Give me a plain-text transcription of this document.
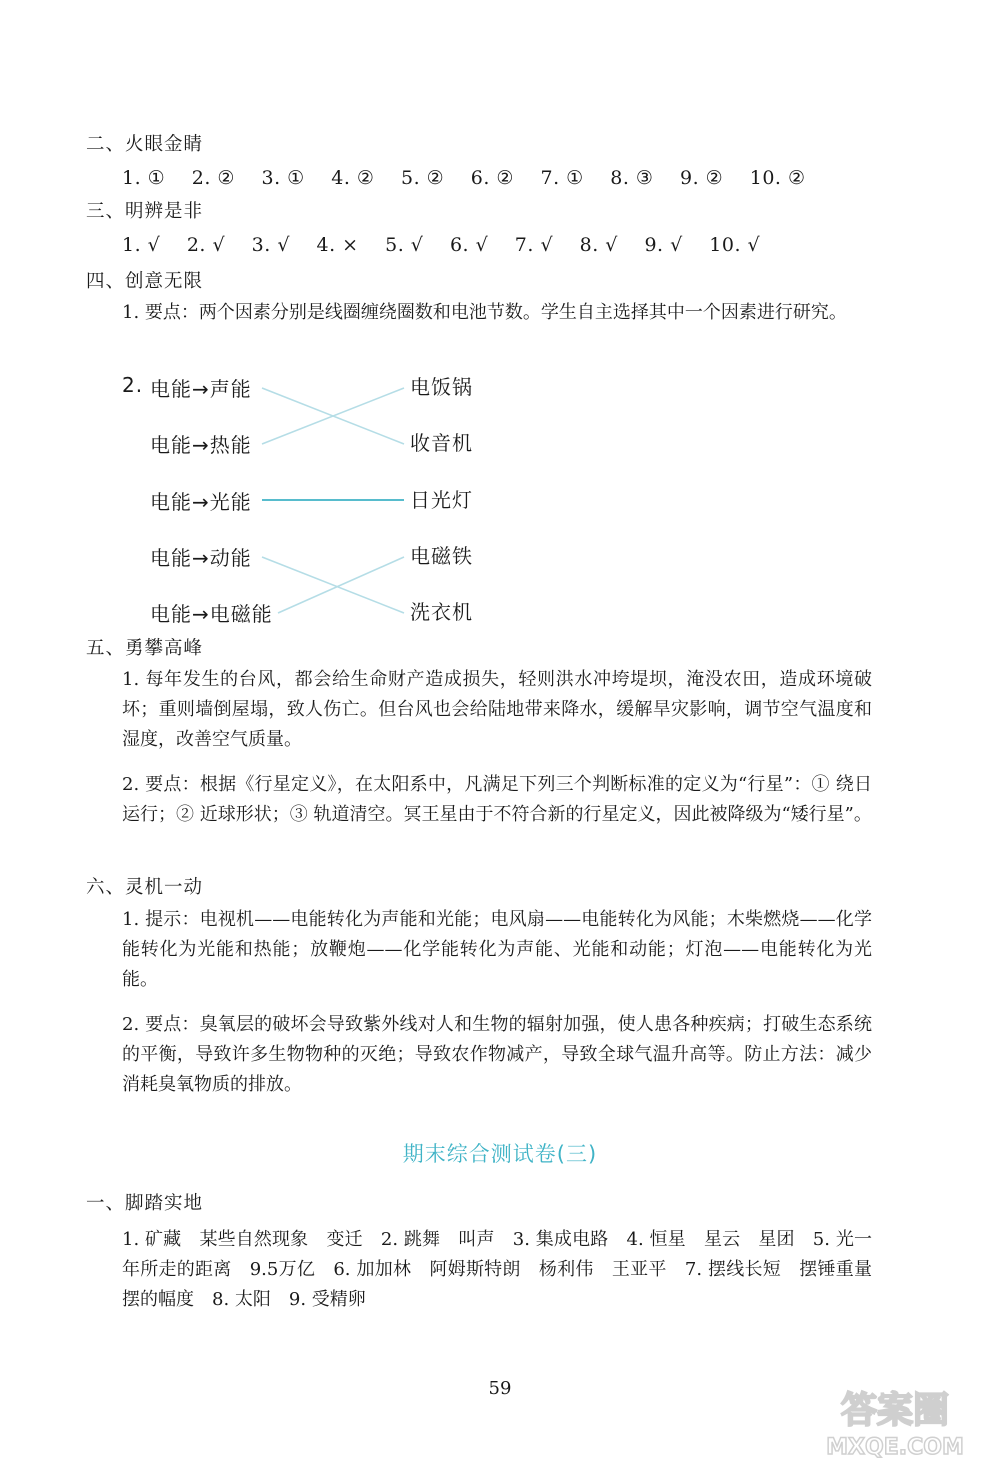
二、火眼金睛
1. ① 2. ② 3. ① 4. ② 5. ② 6. ② 7. ① 8. ③ 9. ② 10. ②
三、明辨是非
1. √ 2. √ 3. √ 4. × 5. √ 6. √ 7. √ 8. √ 9. √ 10. √
四、创意无限
1. 要点：两个因素分别是线圈缠绕圈数和电池节数。学生自主选择其中一个因素进行研究。
2. 电能→声能
电能→热能
电能→光能
电能→动能
电能→电磁能
电饭锅
收音机
日光灯
电磁铁
洗衣机
五、勇攀高峰
1. 每年发生的台风，都会给生命财产造成损失，轻则洪水冲垮堤坝，淹没农田，造成环境破坏；重则墙倒屋塌，致人伤亡。但台风也会给陆地带来降水，缓解旱灾影响，调节空气温度和湿度，改善空气质量。
2. 要点：根据《行星定义》，在太阳系中，凡满足下列三个判断标准的定义为“行星”：① 绕日运行；② 近球形状；③ 轨道清空。冥王星由于不符合新的行星定义，因此被降级为“矮行星”。
六、灵机一动
1. 提示：电视机——电能转化为声能和光能；电风扇——电能转化为风能；木柴燃烧——化学能转化为光能和热能；放鞭炮——化学能转化为声能、光能和动能；灯泡——电能转化为光能。
2. 要点：臭氧层的破坏会导致紫外线对人和生物的辐射加强，使人患各种疾病；打破生态系统的平衡，导致许多生物物种的灭绝；导致农作物减产，导致全球气温升高等。防止方法：减少消耗臭氧物质的排放。
期末综合测试卷(三)
一、脚踏实地
1. 矿藏　某些自然现象　变迁　2. 跳舞　叫声　3. 集成电路　4. 恒星　星云　星团　5. 光一年所走的距离　9.5万亿　6. 加加林　阿姆斯特朗　杨利伟　王亚平　7. 摆线长短　摆锤重量　摆的幅度　8. 太阳　9. 受精卵
59
答案圈
MXQE.COM
